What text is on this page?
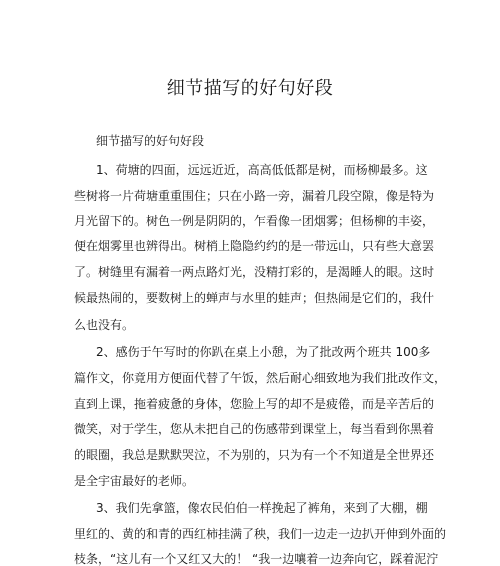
细节描写的好句好段
细节描写的好句好段
1、荷塘的四面，远远近近，高高低低都是树，而杨柳最多。这
些树将一片荷塘重重围住；只在小路一旁，漏着几段空隙，像是特为
月光留下的。树色一例是阴阴的，乍看像一团烟雾；但杨柳的丰姿，
便在烟雾里也辨得出。树梢上隐隐约约的是一带远山，只有些大意罢
了。树缝里有漏着一两点路灯光，没精打彩的，是渴睡人的眼。这时
候最热闹的，要数树上的蝉声与水里的蛙声；但热闹是它们的，我什
么也没有。
2、感伤于午写时的你趴在桌上小憩，为了批改两个班共 100多
篇作文，你竟用方便面代替了午饭，然后耐心细致地为我们批改作文，
直到上课，拖着疲惫的身体，您脸上写的却不是疲倦，而是辛苦后的
微笑，对于学生，您从未把自己的伤感带到课堂上，每当看到你黑着
的眼圈，我总是默默哭泣，不为别的，只为有一个不知道是全世界还
是全宇宙最好的老师。
3、我们先拿篮，像农民伯伯一样挽起了裤角，来到了大棚，棚
里红的、黄的和青的西红柿挂满了秧，我们一边走一边扒开伸到外面的
枝条，“这儿有一个又红又大的！ “我一边嚷着一边奔向它，踩着泥泞
